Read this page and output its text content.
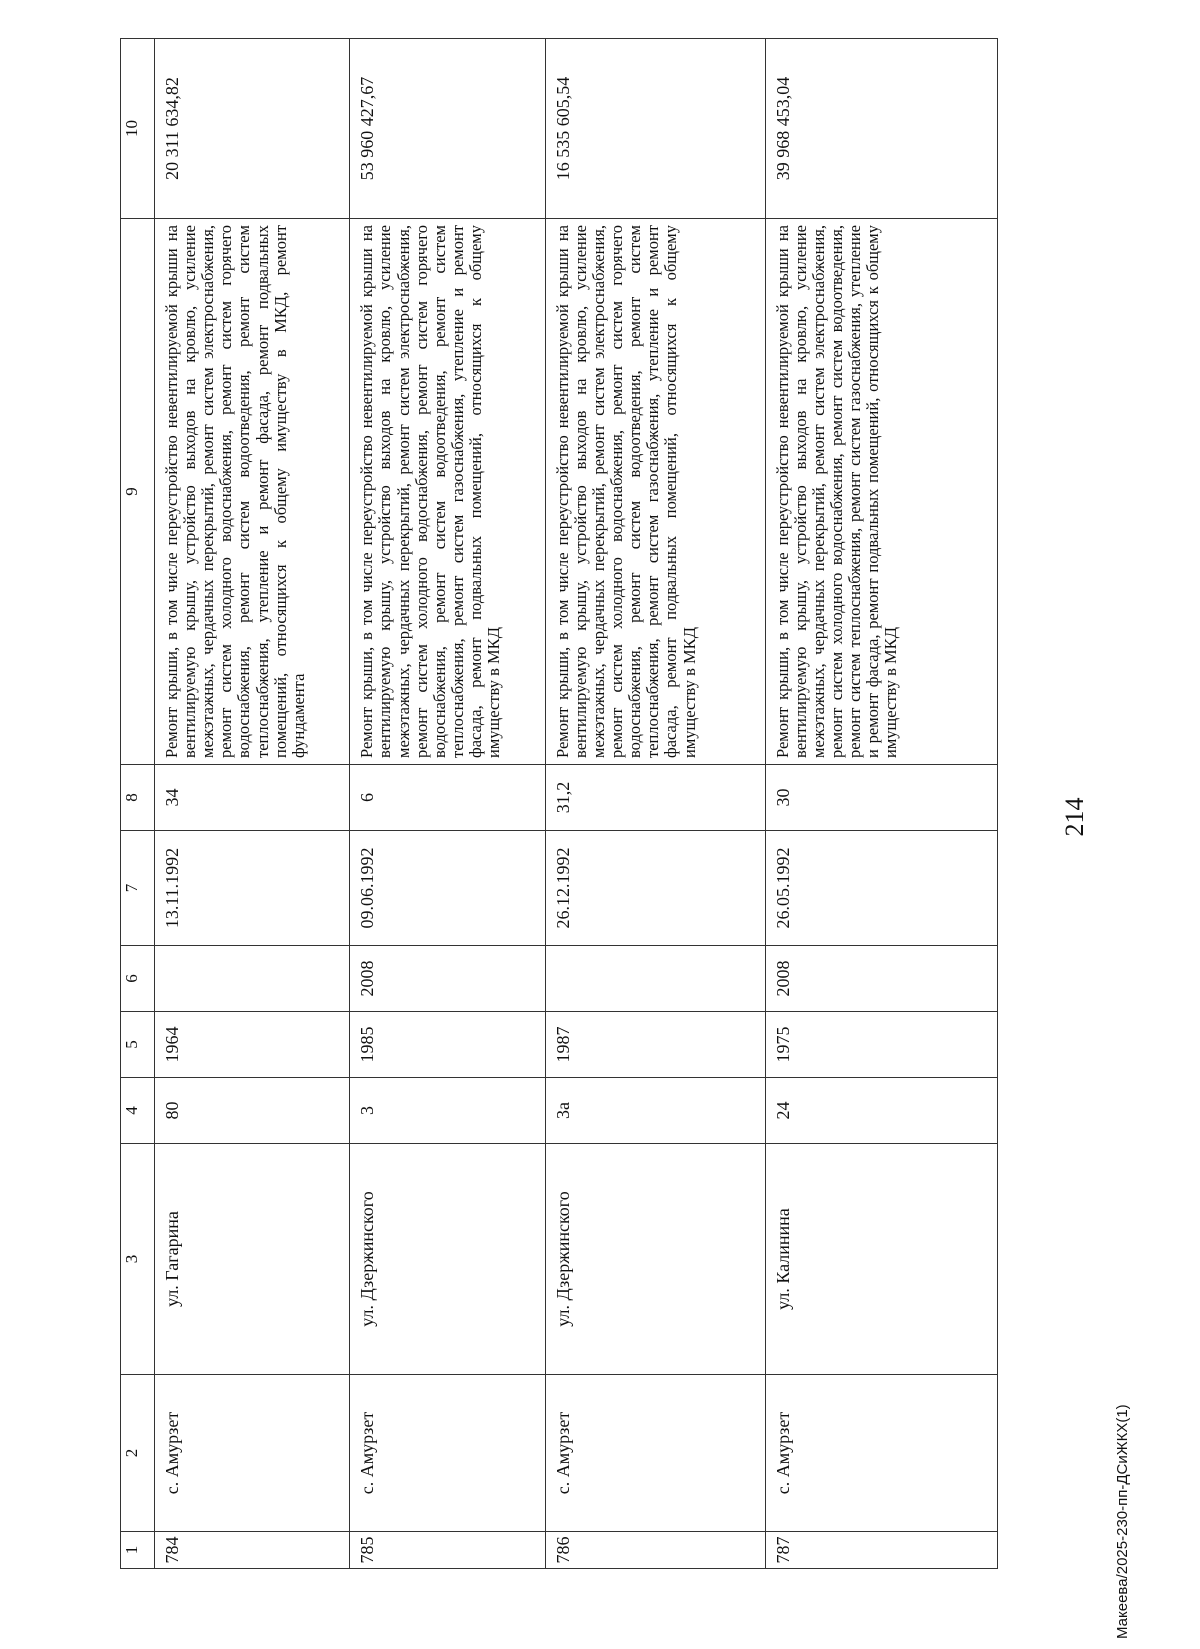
214
1	2	3	4	5	6	7	8	9	10
784	с. Амурзет	ул. Гагарина	80	1964		13.11.1992	34	Ремонт крыши, в том числе переустройство невентилируемой крыши на вентилируемую крышу, устройство выходов на кровлю, усиление межэтажных, чердачных перекрытий, ремонт систем электроснабжения, ремонт систем холодного водоснабжения, ремонт систем горячего водоснабжения, ремонт систем водоотведения, ремонт систем теплоснабжения, утепление и ремонт фасада, ремонт подвальных помещений, относящихся к общему имуществу в МКД, ремонт фундамента	20 311 634,82
785	с. Амурзет	ул. Дзержинского	3	1985	2008	09.06.1992	6	Ремонт крыши, в том числе переустройство невентилируемой крыши на вентилируемую крышу, устройство выходов на кровлю, усиление межэтажных, чердачных перекрытий, ремонт систем электроснабжения, ремонт систем холодного водоснабжения, ремонт систем горячего водоснабжения, ремонт систем водоотведения, ремонт систем теплоснабжения, ремонт систем газоснабжения, утепление и ремонт фасада, ремонт подвальных помещений, относящихся к общему имуществу в МКД	53 960 427,67
786	с. Амурзет	ул. Дзержинского	3а	1987		26.12.1992	31,2	Ремонт крыши, в том числе переустройство невентилируемой крыши на вентилируемую крышу, устройство выходов на кровлю, усиление межэтажных, чердачных перекрытий, ремонт систем электроснабжения, ремонт систем холодного водоснабжения, ремонт систем горячего водоснабжения, ремонт систем водоотведения, ремонт систем теплоснабжения, ремонт систем газоснабжения, утепление и ремонт фасада, ремонт подвальных помещений, относящихся к общему имуществу в МКД	16 535 605,54
787	с. Амурзет	ул. Калинина	24	1975	2008	26.05.1992	30	Ремонт крыши, в том числе переустройство невентилируемой крыши на вентилируемую крышу, устройство выходов на кровлю, усиление межэтажных, чердачных перекрытий, ремонт систем электроснабжения, ремонт систем холодного водоснабжения, ремонт систем водоотведения, ремонт систем теплоснабжения, ремонт систем газоснабжения, утепление и ремонт фасада, ремонт подвальных помещений, относящихся к общему имуществу в МКД	39 968 453,04
Макеева/2025-230-пп-ДСиЖКХ(1)
